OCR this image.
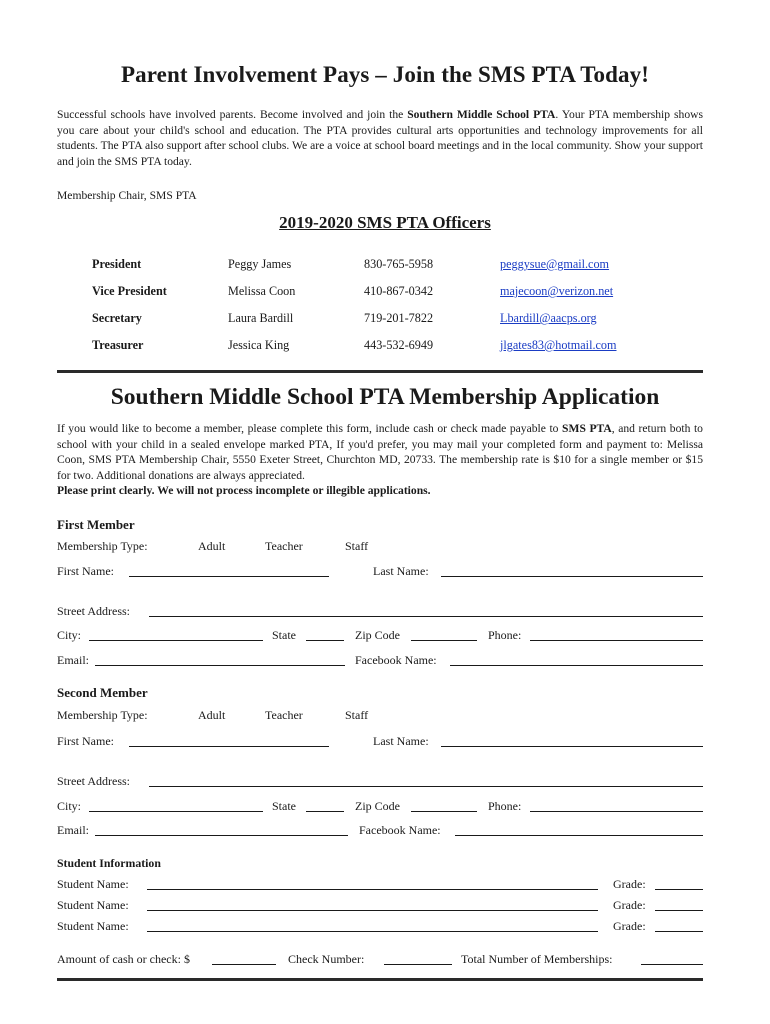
Parent Involvement Pays – Join the SMS PTA Today!
Successful schools have involved parents. Become involved and join the Southern Middle School PTA. Your PTA membership shows you care about your child's school and education. The PTA provides cultural arts opportunities and technology improvements for all students. The PTA also support after school clubs. We are a voice at school board meetings and in the local community. Show your support and join the SMS PTA today.
Membership Chair, SMS PTA
2019-2020 SMS PTA Officers
President	Peggy James	830-765-5958	peggysue@gmail.com
Vice President	Melissa Coon	410-867-0342	majecoon@verizon.net
Secretary	Laura Bardill	719-201-7822	Lbardill@aacps.org
Treasurer	Jessica King	443-532-6949	jlgates83@hotmail.com
Southern Middle School PTA Membership Application
If you would like to become a member, please complete this form, include cash or check made payable to SMS PTA, and return both to school with your child in a sealed envelope marked PTA, If you'd prefer, you may mail your completed form and payment to: Melissa Coon, SMS PTA Membership Chair, 5550 Exeter Street, Churchton MD, 20733. The membership rate is $10 for a single member or $15 for two. Additional donations are always appreciated.
Please print clearly. We will not process incomplete or illegible applications.
First Member
Membership Type:	Adult	Teacher	Staff
First Name:	Last Name:
Street Address:
City:	State	Zip Code	Phone:
Email:	Facebook Name:
Second Member
Membership Type:	Adult	Teacher	Staff
First Name:	Last Name:
Street Address:
City:	State	Zip Code	Phone:
Email:	Facebook Name:
Student Information
Student Name:	Grade:
Student Name:	Grade:
Student Name:	Grade:
Amount of cash or check: $	Check Number:	Total Number of Memberships:
